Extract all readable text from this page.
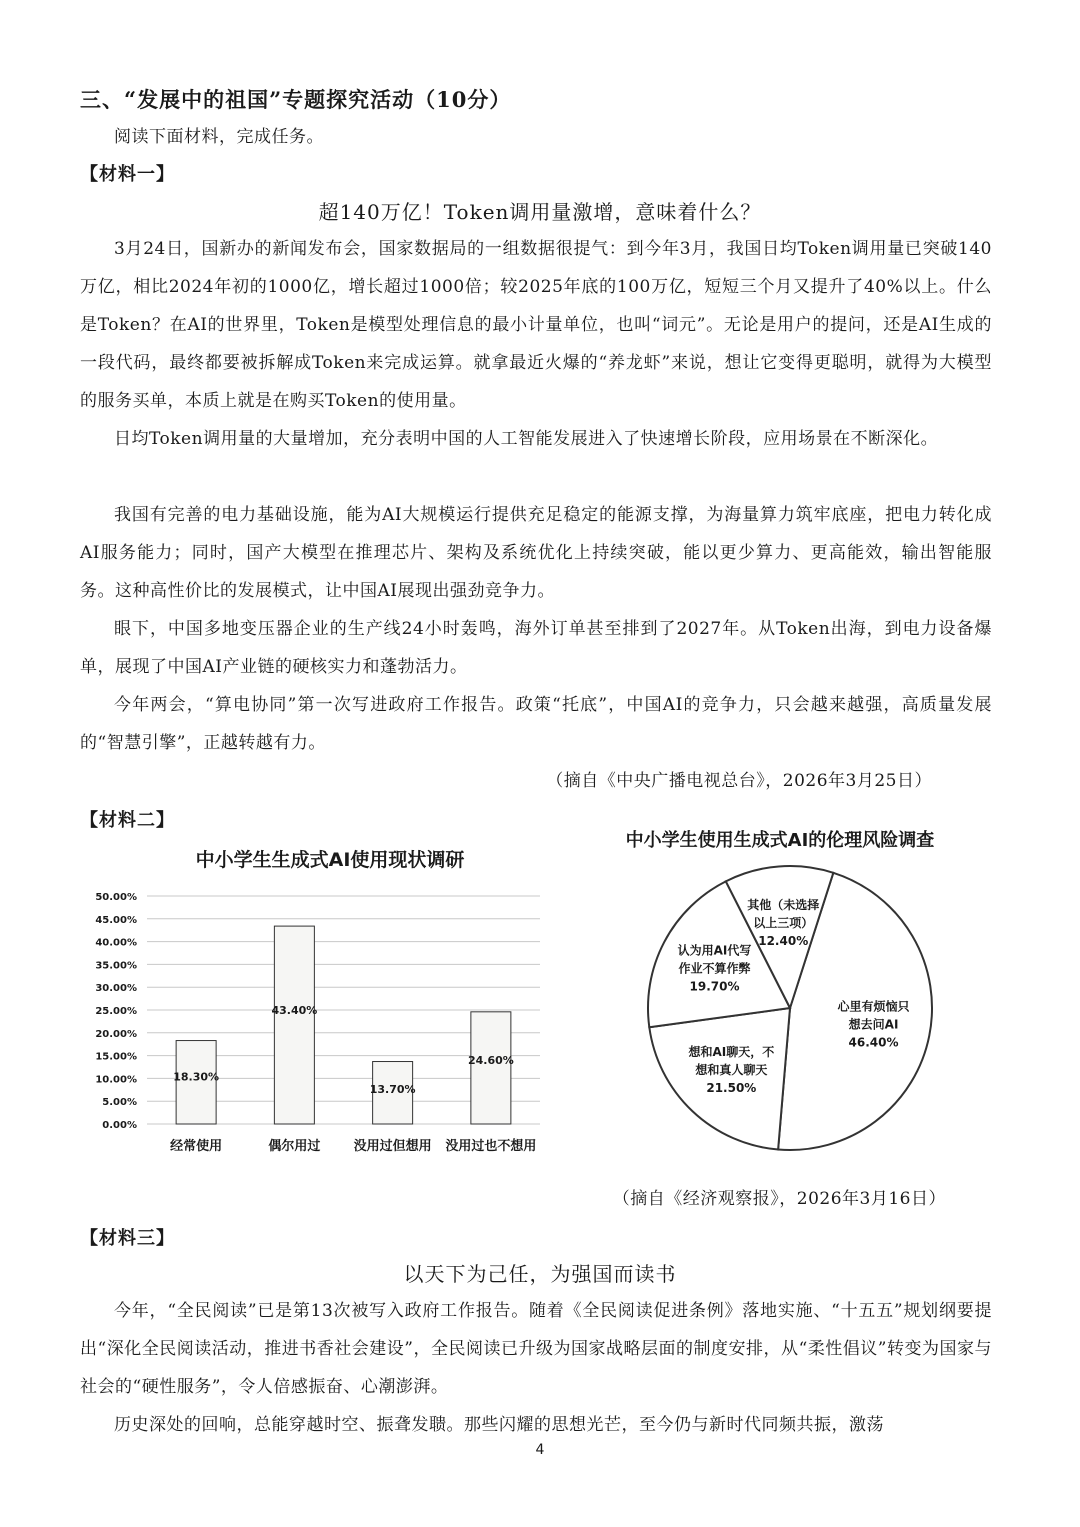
三、“发展中的祖国”专题探究活动（10分）
阅读下面材料，完成任务。
【材料一】
超140万亿！Token调用量激增，意味着什么？
3月24日，国新办的新闻发布会，国家数据局的一组数据很提气：到今年3月，我国日均Token调用量已突破140万亿，相比2024年初的1000亿，增长超过1000倍；较2025年底的100万亿，短短三个月又提升了40%以上。什么是Token？在AI的世界里，Token是模型处理信息的最小计量单位，也叫“词元”。无论是用户的提问，还是AI生成的一段代码，最终都要被拆解成Token来完成运算。就拿最近火爆的“养龙虾”来说，想让它变得更聪明，就得为大模型的服务买单，本质上就是在购买Token的使用量。
日均Token调用量的大量增加，充分表明中国的人工智能发展进入了快速增长阶段，应用场景在不断深化。
我国有完善的电力基础设施，能为AI大规模运行提供充足稳定的能源支撑，为海量算力筑牢底座，把电力转化成AI服务能力；同时，国产大模型在推理芯片、架构及系统优化上持续突破，能以更少算力、更高能效，输出智能服务。这种高性价比的发展模式，让中国AI展现出强劲竞争力。
眼下，中国多地变压器企业的生产线24小时轰鸣，海外订单甚至排到了2027年。从Token出海，到电力设备爆单，展现了中国AI产业链的硬核实力和蓬勃活力。
今年两会，“算电协同”第一次写进政府工作报告。政策“托底”，中国AI的竞争力，只会越来越强，高质量发展的“智慧引擎”，正越转越有力。
（摘自《中央广播电视总台》，2026年3月25日）
【材料二】
中小学生生成式AI使用现状调研
0.00%
5.00%
10.00%
15.00%
20.00%
25.00%
30.00%
35.00%
40.00%
45.00%
50.00%
18.30%
经常使用
43.40%
偶尔用过
13.70%
没用过但想用
24.60%
没用过也不想用
中小学生使用生成式AI的伦理风险调查
心里有烦恼只
想去问AI
46.40%
想和AI聊天，不
想和真人聊天
21.50%
认为用AI代写
作业不算作弊
19.70%
其他（未选择
以上三项）
12.40%
（摘自《经济观察报》，2026年3月16日）
【材料三】
以天下为己任，为强国而读书
今年，“全民阅读”已是第13次被写入政府工作报告。随着《全民阅读促进条例》落地实施、“十五五”规划纲要提出“深化全民阅读活动，推进书香社会建设”，全民阅读已升级为国家战略层面的制度安排，从“柔性倡议”转变为国家与社会的“硬性服务”，令人倍感振奋、心潮澎湃。
历史深处的回响，总能穿越时空、振聋发聩。那些闪耀的思想光芒，至今仍与新时代同频共振，激荡
4
